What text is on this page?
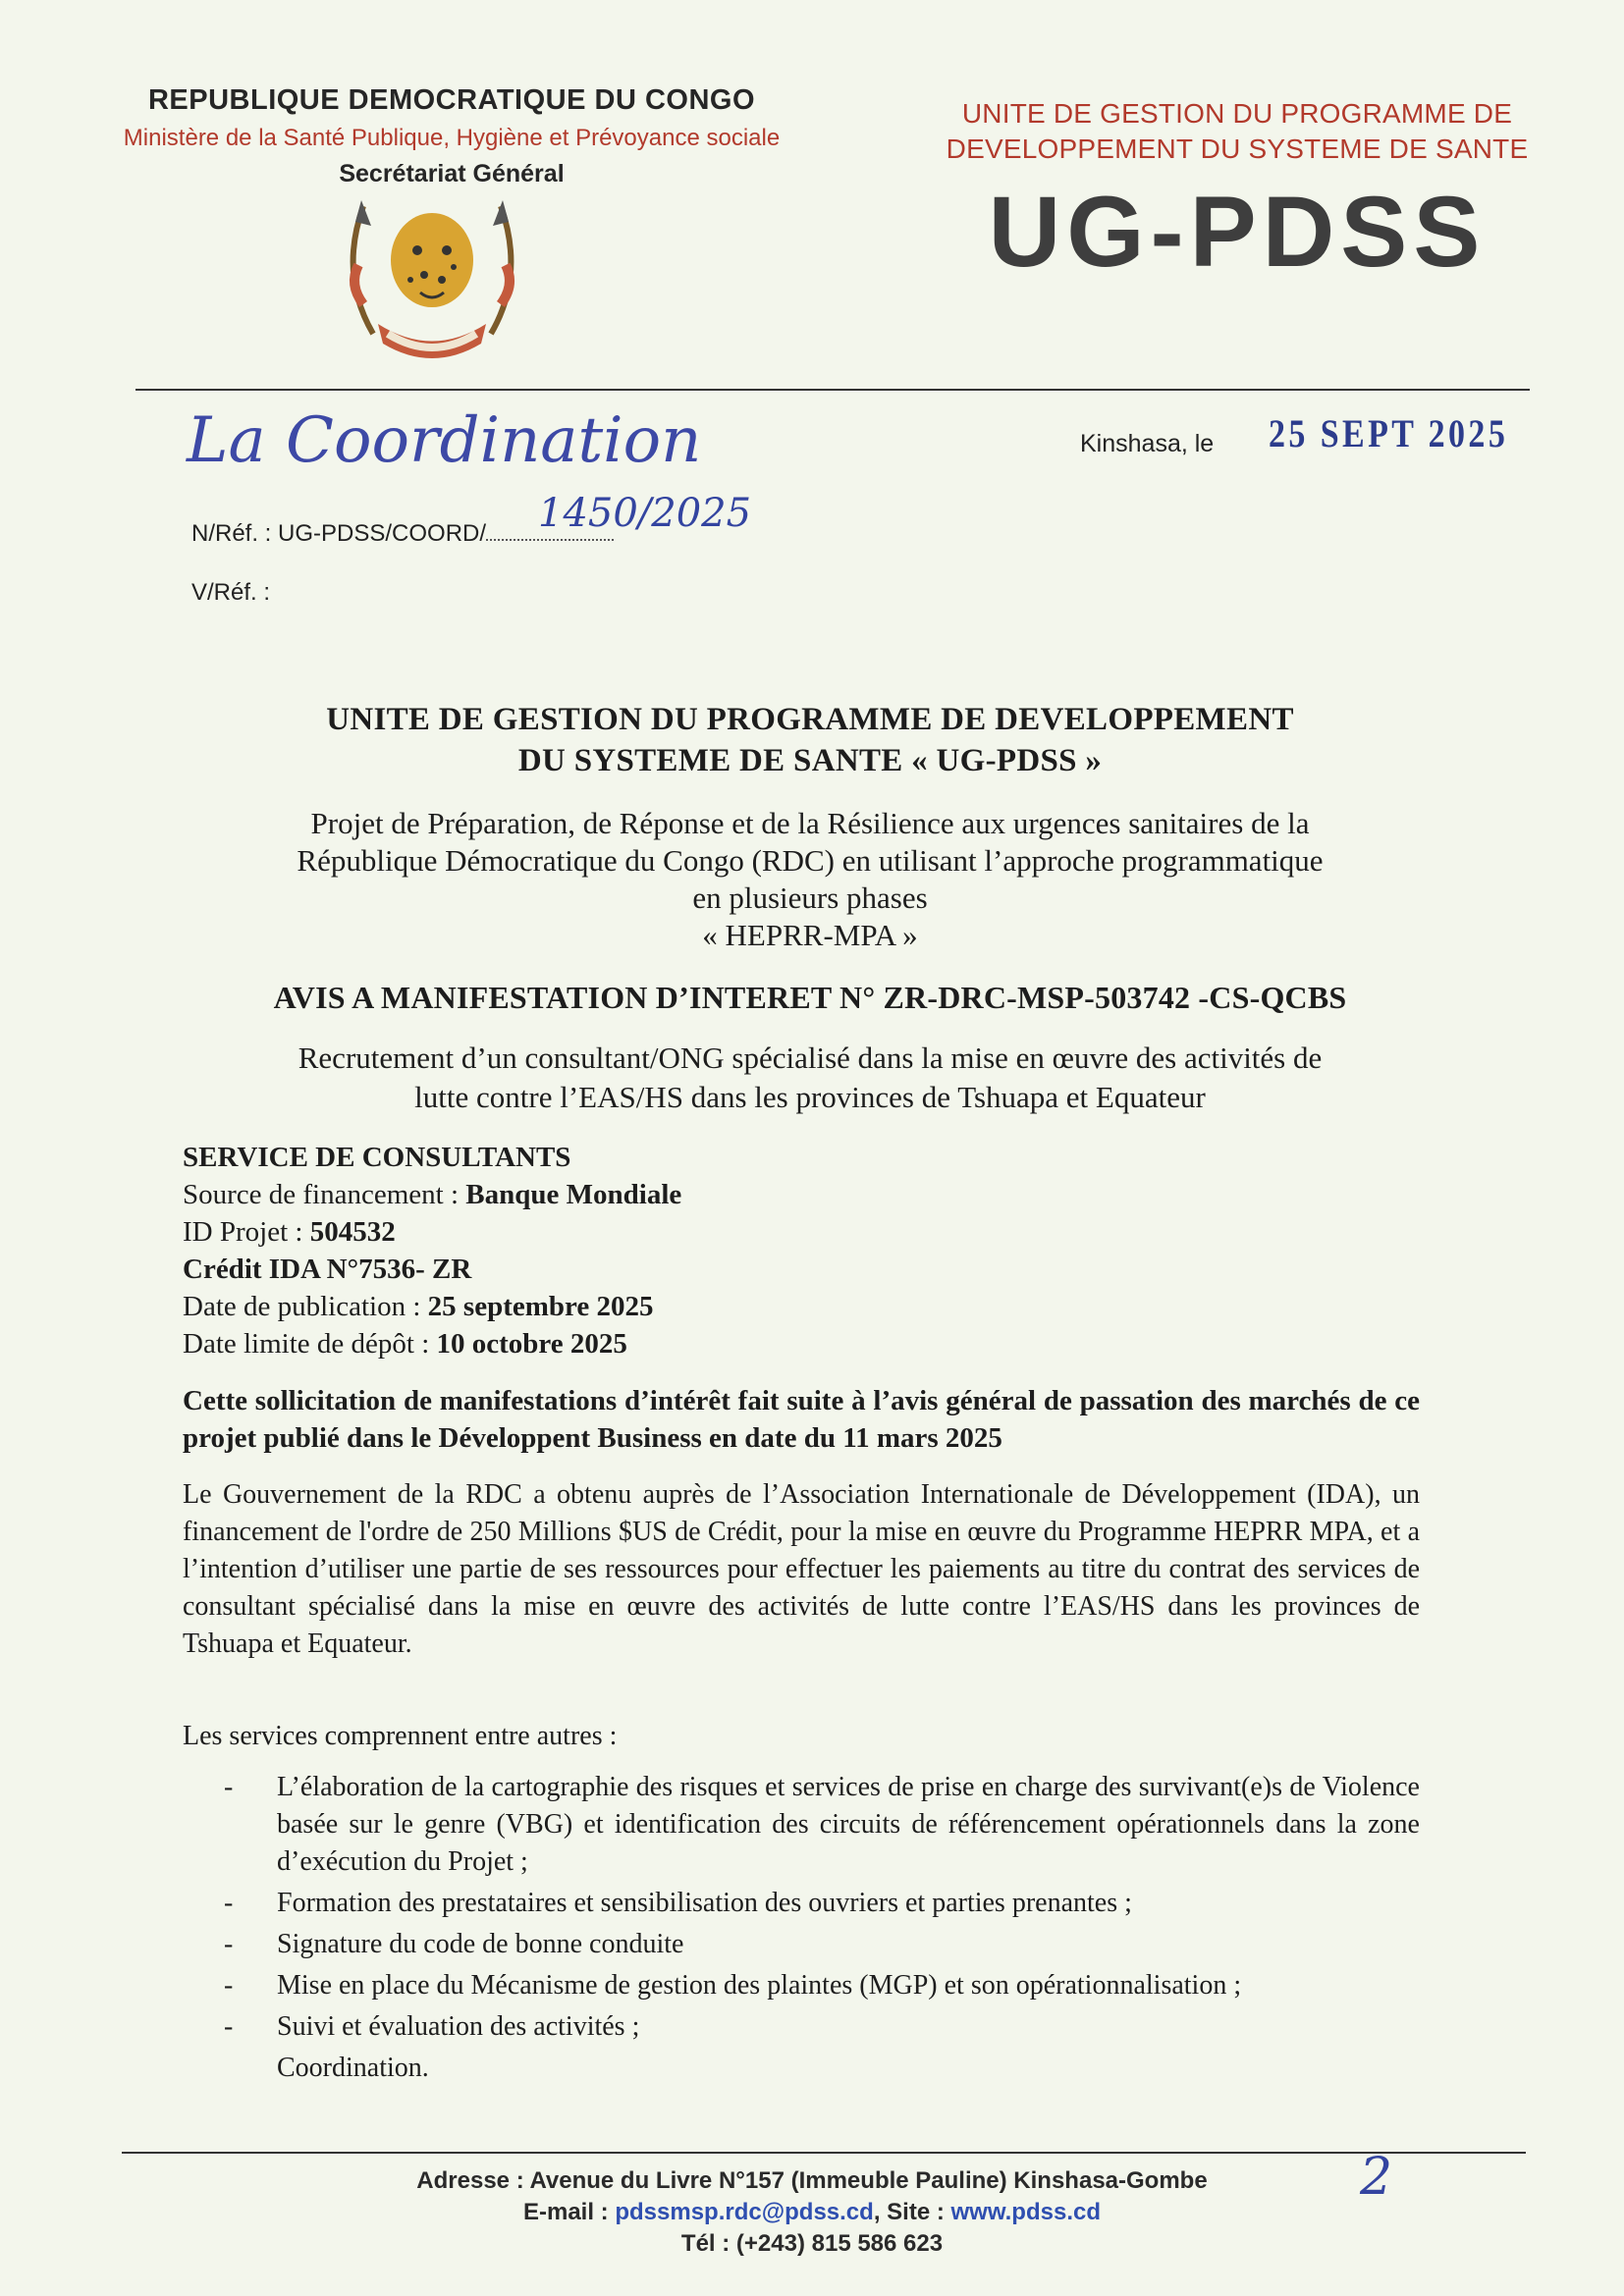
REPUBLIQUE DEMOCRATIQUE DU CONGO
Ministère de la Santé Publique, Hygiène et Prévoyance sociale
Secrétariat Général
UNITE DE GESTION DU PROGRAMME DE
DEVELOPPEMENT DU SYSTEME DE SANTE
UG-PDSS
La Coordination	Kinshasa, le 25 SEPT 2025
N/Réf. : UG-PDSS/COORD/	1450/2025
V/Réf. :
UNITE DE GESTION DU PROGRAMME DE DEVELOPPEMENT
DU SYSTEME DE SANTE « UG-PDSS »
Projet de Préparation, de Réponse et de la Résilience aux urgences sanitaires de la
République Démocratique du Congo (RDC) en utilisant l’approche programmatique
en plusieurs phases
« HEPRR-MPA »
AVIS A MANIFESTATION D’INTERET N° ZR-DRC-MSP-503742 -CS-QCBS
Recrutement d’un consultant/ONG spécialisé dans la mise en œuvre des activités de
lutte contre l’EAS/HS dans les provinces de Tshuapa et Equateur
SERVICE DE CONSULTANTS
Source de financement : Banque Mondiale
ID Projet : 504532
Crédit IDA N°7536- ZR
Date de publication : 25 septembre 2025
Date limite de dépôt : 10 octobre 2025
Cette sollicitation de manifestations d’intérêt fait suite à l’avis général de passation des marchés de ce projet publié dans le Développent Business en date du 11 mars 2025
Le Gouvernement de la RDC a obtenu auprès de l’Association Internationale de Développement (IDA), un financement de l'ordre de 250 Millions $US de Crédit, pour la mise en œuvre du Programme HEPRR MPA, et a l’intention d’utiliser une partie de ses ressources pour effectuer les paiements au titre du contrat des services de consultant spécialisé dans la mise en œuvre des activités de lutte contre l’EAS/HS dans les provinces de Tshuapa et Equateur.
Les services comprennent entre autres :
- L’élaboration de la cartographie des risques et services de prise en charge des survivant(e)s de Violence basée sur le genre (VBG) et identification des circuits de référencement opérationnels dans la zone d’exécution du Projet ;
- Formation des prestataires et sensibilisation des ouvriers et parties prenantes ;
- Signature du code de bonne conduite
- Mise en place du Mécanisme de gestion des plaintes (MGP) et son opérationnalisation ;
- Suivi et évaluation des activités ;
Coordination.
Adresse : Avenue du Livre N°157 (Immeuble Pauline) Kinshasa-Gombe
E-mail : pdssmsp.rdc@pdss.cd, Site : www.pdss.cd
Tél : (+243) 815 586 623
2
